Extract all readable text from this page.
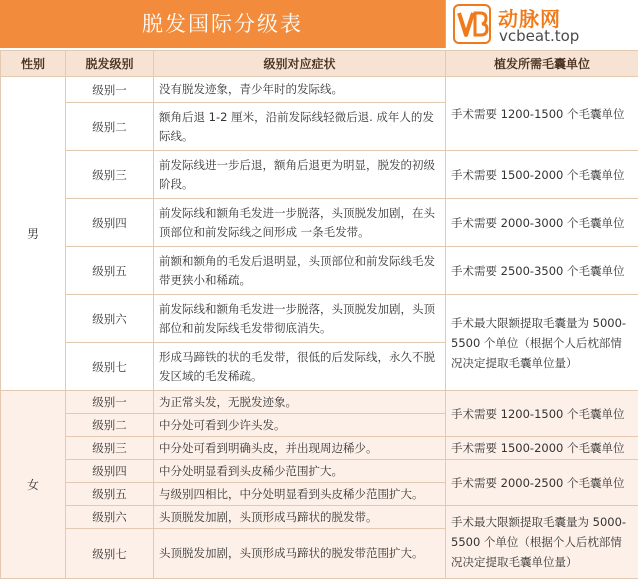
脱发国际分级表	动脉网
vcbeat.top
性别	脱发级别	级别对应症状	植发所需毛囊单位
男	级别一	没有脱发迹象，青少年时的发际线。	手术需要 1200-1500 个毛囊单位
	级别二	额角后退 1-2 厘米，沿前发际线轻微后退. 成年人的发际线。	
	级别三	前发际线进一步后退，额角后退更为明显，脱发的初级阶段。	手术需要 1500-2000 个毛囊单位
	级别四	前发际线和额角毛发进一步脱落，头顶脱发加剧，在头顶部位和前发际线之间形成 一条毛发带。	手术需要 2000-3000 个毛囊单位
	级别五	前额和额角的毛发后退明显，头顶部位和前发际线毛发带更狭小和稀疏。	手术需要 2500-3500 个毛囊单位
	级别六	前发际线和额角毛发进一步脱落，头顶脱发加剧，头顶部位和前发际线毛发带彻底消失。	手术最大限额提取毛囊量为 5000-5500 个单位（根据个人后枕部情况决定提取毛囊单位量）
	级别七	形成马蹄铁的状的毛发带，很低的后发际线，永久不脱发区域的毛发稀疏。	
女	级别一	为正常头发，无脱发迹象。	手术需要 1200-1500 个毛囊单位
	级别二	中分处可看到少许头发。	
	级别三	中分处可看到明确头皮，并出现周边稀少。	手术需要 1500-2000 个毛囊单位
	级别四	中分处明显看到头皮稀少范围扩大。	手术需要 2000-2500 个毛囊单位
	级别五	与级别四相比，中分处明显看到头皮稀少范围扩大。	
	级别六	头顶脱发加剧，头顶形成马蹄状的脱发带。	手术最大限额提取毛囊量为 5000-5500 个单位（根据个人后枕部情况决定提取毛囊单位量）
	级别七	头顶脱发加剧，头顶形成马蹄状的脱发带范围扩大。	
